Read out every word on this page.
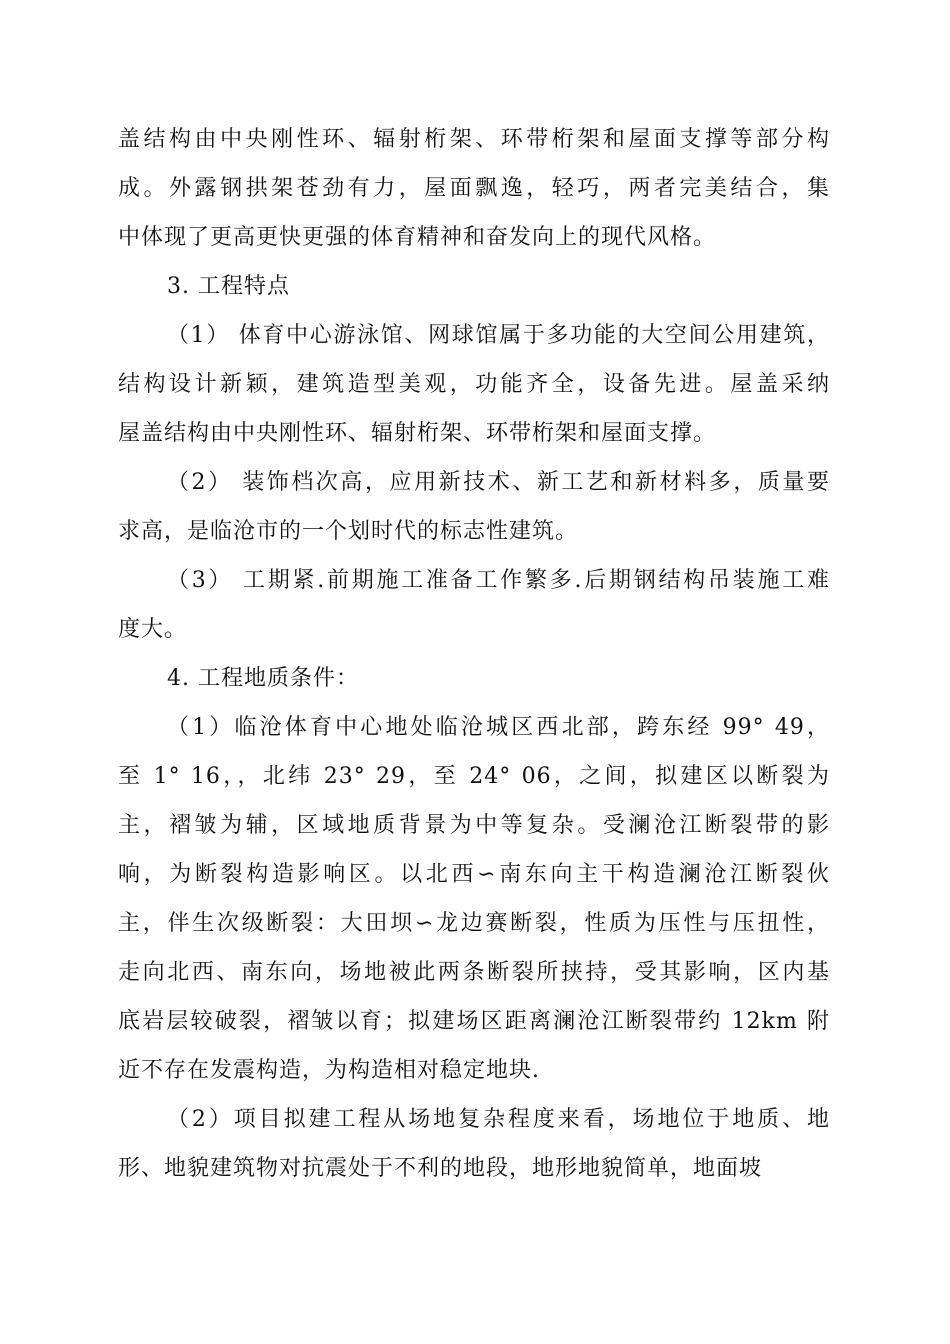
盖结构由中央刚性环、辐射桁架、环带桁架和屋面支撑等部分构
成。外露钢拱架苍劲有力，屋面飘逸，轻巧，两者完美结合，集
中体现了更高更快更强的体育精神和奋发向上的现代风格。
3. 工程特点
（1） 体育中心游泳馆、网球馆属于多功能的大空间公用建筑，
结构设计新颖，建筑造型美观，功能齐全，设备先进。屋盖采纳
屋盖结构由中央刚性环、辐射桁架、环带桁架和屋面支撑。
（2） 装饰档次高，应用新技术、新工艺和新材料多，质量要
求高，是临沧市的一个划时代的标志性建筑。
（3） 工期紧.前期施工准备工作繁多.后期钢结构吊装施工难
度大。
4. 工程地质条件：
（1）临沧体育中心地处临沧城区西北部，跨东经 99° 49，
至 1° 16，，北纬 23° 29，至 24° 06，之间，拟建区以断裂为
主，褶皱为辅，区域地质背景为中等复杂。受澜沧江断裂带的影
响，为断裂构造影响区。以北西∽南东向主干构造澜沧江断裂伙
主，伴生次级断裂：大田坝∽龙边赛断裂，性质为压性与压扭性，
走向北西、南东向，场地被此两条断裂所挟持，受其影响，区内基
底岩层较破裂，褶皱以育；拟建场区距离澜沧江断裂带约 12km 附
近不存在发震构造，为构造相对稳定地块.
（2）项目拟建工程从场地复杂程度来看，场地位于地质、地
形、地貌建筑物对抗震处于不利的地段，地形地貌简单，地面坡
